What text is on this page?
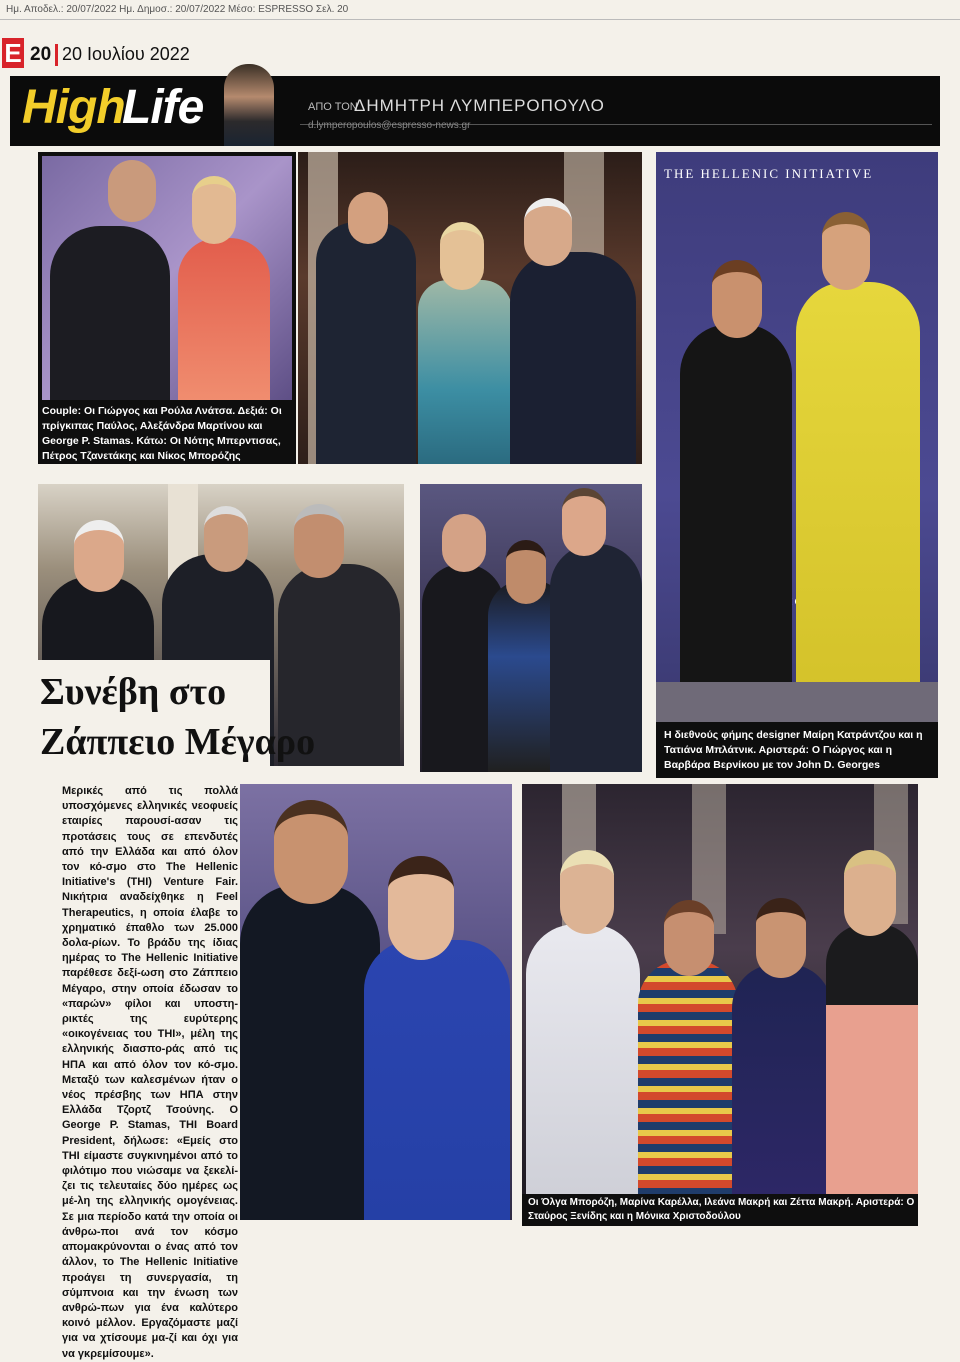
Ημ. Αποδελ.: 20/07/2022 Ημ. Δημοσ.: 20/07/2022 Μέσο: ESPRESSO Σελ. 20
E 20 20 Ιουλίου 2022
High
Life	ΑΠΟ ΤΟΝ
ΔΗΜΗΤΡΗ ΛΥΜΠΕΡΟΠΟΥΛΟ
d.lymperopoulos@espresso-news.gr
Couple: Οι Γιώργος και Ρούλα Λνάτσα. Δεξιά: Οι πρίγκιπας Παύλος, Αλεξάνδρα Μαρτίνου και George P. Stamas. Κάτω: Οι Νότης Μπερντισας, Πέτρος Τζανετάκης και Νίκος Μπορόζης
THE HELLENIC INITIATIVE
Η διεθνούς φήμης designer Μαίρη Κατράντζου και η Τατιάνα Μπλάτνικ. Αριστερά: Ο Γιώργος και η Βαρβάρα Βερνίκου με τον John D. Georges
Συνέβη στο
Ζάππειο Μέγαρο
Μερικές από τις πολλά υποσχόμενες ελληνικές νεοφυείς εταιρίες παρουσί-ασαν τις προτάσεις τους σε επενδυτές από την Ελλάδα και από όλον τον κό-σμο στο The Hellenic Initiative's (THI) Venture Fair. Νικήτρια αναδείχθηκε η Feel Therapeutics, η οποία έλαβε το χρηματικό έπαθλο των 25.000 δολα-ρίων. Το βράδυ της ίδιας ημέρας το The Hellenic Initiative παρέθεσε δεξί-ωση στο Ζάππειο Μέγαρο, στην οποία έδωσαν το «παρών» φίλοι και υποστη-ρικτές της ευρύτερης «οικογένειας του THI», μέλη της ελληνικής διασπο-ράς από τις ΗΠΑ και από όλον τον κό-σμο. Μεταξύ των καλεσμένων ήταν ο νέος πρέσβης των ΗΠΑ στην Ελλάδα Τζορτζ Τσούνης. Ο George P. Stamas, THI Board President, δήλωσε: «Εμείς στο THI είμαστε συγκινημένοι από το φιλότιμο που νιώσαμε να ξεκελί-ζει τις τελευταίες δύο ημέρες ως μέ-λη της ελληνικής ομογένειας. Σε μια περίοδο κατά την οποία οι άνθρω-ποι ανά τον κόσμο απομακρύνονται ο ένας από τον άλλον, το The Hellenic Initiative προάγει τη συνεργασία, τη σύμπνοια και την ένωση των ανθρώ-πων για ένα καλύτερο κοινό μέλλον. Εργαζόμαστε μαζί για να χτίσουμε μα-ζί και όχι για να γκρεμίσουμε».
Οι Όλγα Μπορόζη, Μαρίνα Καρέλλα, Ιλεάνα Μακρή και Ζέττα Μακρή. Αριστερά: Ο Σταύρος Ξενίδης και η Μόνικα Χριστοδούλου
